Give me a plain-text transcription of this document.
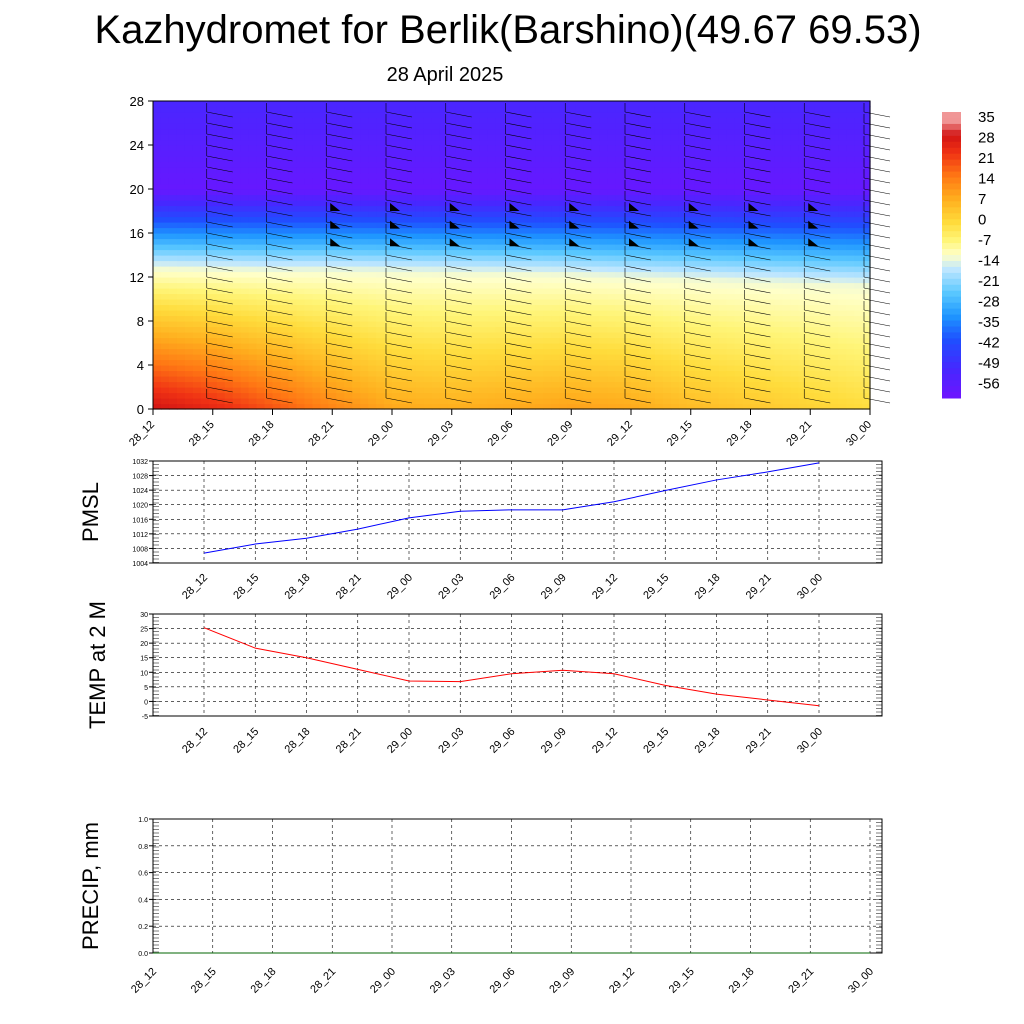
Kazhydromet for Berlik(Barshino)(49.67 69.53)
28 April 2025
0
4
8
12
16
20
24
28
28_12	28_15	28_18	28_21	29_00	29_03	29_06	29_09	29_12	29_15	29_18	29_21	30_00
35
28
21
14
7
0
-7
-14
-21
-28
-35
-42
-49
-56
1004
1008
1012
1016
1020
1024
1028
1032
28_12 28_15 28_18 28_21 29_00 29_03 29_06 29_09 29_12 29_15 29_18 29_21 30_00
PMSL
-5
0
5
10
15
20
25
30
28_12 28_15 28_18 28_21 29_00 29_03 29_06 29_09 29_12 29_15 29_18 29_21 30_00
TEMP at 2 M
0.0
0.2
0.4
0.6
0.8
1.0
28_12	28_15	28_18	28_21	29_00	29_03	29_06	29_09	29_12	29_15	29_18	29_21	30_00
PRECIP, mm
